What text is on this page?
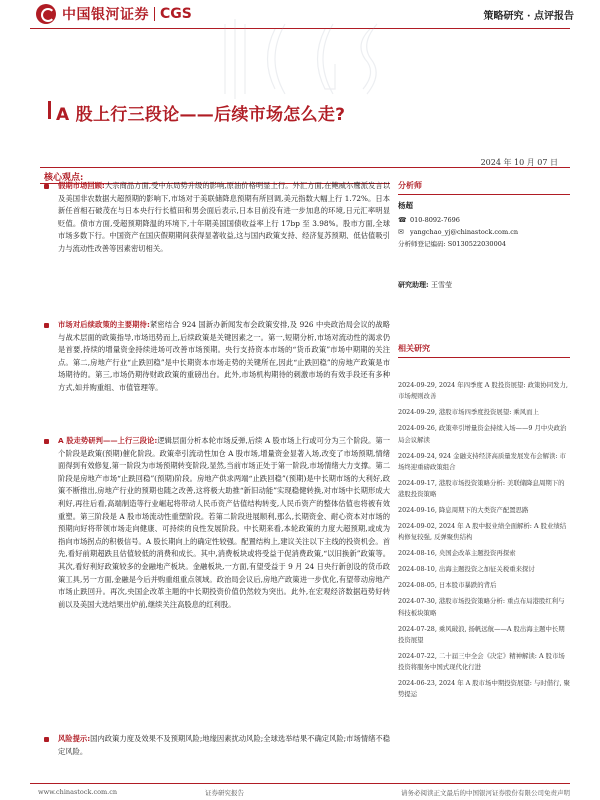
中国银河证券 CGS	策略研究 · 点评报告
A 股上行三段论——后续市场怎么走?
2024 年 10 月 07 日
核心观点:
假期市场回顾:大宗商品方面,受中东局势升级的影响,原油价格明显上行。外汇方面,在鲍威尔鹰派发言以及美国非农数据大超预期的影响下,市场对于美联储降息预期有所回调,美元指数大幅上行 1.72%。日本新任首相石破茂在与日本央行行长植田和男会面后表示,日本目前没有进一步加息的环境,日元汇率明显贬值。债市方面,受超预期降温的环境下,十年期美国国债收益率上行 17bp 至 3.98%。股市方面,全球市场多数下行。中国资产在国庆假期期间获得显著收益,这与国内政策支持、经济复苏预期、低估值吸引力与流动性改善等因素密切相关。
市场对后续政策的主要期待:紧密结合 924 国新办新闻发布会政策安排,及 926 中央政治局会议的战略与战术层面的政策指导,市场迅势而上,后续政策是关键因素之一。第一,短期分析,市场对流动性的渴求仍是首要,持续的增量资金持续进场可改善市场预期。央行支持资本市场的“货币政策”市场中期期的关注点。第二,房地产行业“止跌回稳”是中长期资本市场走势的关键所在,因此“止跌回稳”的房地产政策是市场期待的。第三,市场仍期待财政政策的重磅出台。此外,市场机构期待的刺激市场的有效手段还有多种方式,如并购重组、市值管理等。
A 股走势研判——上行三段论:逻辑层面分析本轮市场反弹,后续 A 股市场上行或可分为三个阶段。第一个阶段是政策(预期)催化阶段。政策牵引流动性加仓 A 股市场,增量资金显著入场,改变了市场预期,情绪面得到有效修复,第一阶段为市场预期转变阶段,显然,当前市场正处于第一阶段,市场情绪大力支撑。第二阶段是房地产市场“止跌回稳”(预期)阶段。房地产供求两端“止跌回稳”(预期)是中长期市场的大利好,政策不断推出,房地产行业的预期也随之改善,这将极大助推“新旧动能”实现稳健转换,对市场中长期形成大利好,再往后看,高端制造等行业崛起将带动人民币资产估值结构转变,人民币资产的整体估值也将被有效重塑。第三阶段是 A 股市场流动性重塑阶段。若第二阶段进展顺利,那么,长期资金、耐心资本对市场的预期向好将带领市场走向健康、可持续的良性发展阶段。中长期来看,本轮政策的力度大超预期,或成为指向市场拐点的积极信号。A 股长期向上的确定性较强。配置结构上,建议关注以下主线的投资机会。首先,看好前期超跌且估值较低的消费和成长。其中,消费板块或将受益于促消费政策,“以旧换新”政策等。其次,看好利好政策较多的金融地产板块。金融板块,一方面,有望受益于 9 月 24 日央行新创设的货币政策工具,另一方面,金融是今后并购重组重点领域。政治局会议后,房地产政策进一步优化,有望带动房地产市场止跌回升。再次,央国企改革主题的中长期投资价值仍然较为突出。此外,在宏观经济数据趋势好转前以及美国大选结果出炉前,继续关注高股息的红利股。
风险提示:国内政策力度及效果不及预期风险;地缘因素扰动风险;全球选举结果不确定风险;市场情绪不稳定风险。
分析师
杨超
☎ 010-8092-7696
✉ yangchao_yj@chinastock.com.cn
分析师登记编码: S0130522030004
研究助理: 王雪莹
相关研究
2024-09-29, 2024 年四季度 A 股投资展望: 政策协同发力,市场规则改善
2024-09-29, 港股市场四季度投资展望: 乘风而上
2024-09-26, 政策牵引增量资金持续入场——9 月中央政治局会议解读
2024-09-24, 924 金融支持经济高质量发展发布会解读: 市场终迎重磅政策组合
2024-09-17, 港股市场投资策略分析: 美联储降息周期下的港股投资策略
2024-09-16, 降息周期下的大类资产配置思路
2024-09-02, 2024 年 A 股中报业绩全面解析: A 股业绩结构修复较强, 反弹聚焦结构
2024-08-16, 央国企改革主题投资再探索
2024-08-10, 出海主题投资之加征关税重来探讨
2024-08-05, 日本股市暴跌的背后
2024-07-30, 港股市场投资策略分析: 重点布局港股红利与科技板块策略
2024-07-28, 乘风破浪, 扬帆远航——A 股出海主题中长期投资展望
2024-07-22, 二十届三中全会《决定》精神解读: A 股市场投资将服务中国式现代化行进
2024-06-23, 2024 年 A 股市场中期投资展望: 与时偕行, 聚势提运
www.chinastock.com.cn	证券研究报告	请务必阅读正文最后的中国银河证券股份有限公司免责声明
